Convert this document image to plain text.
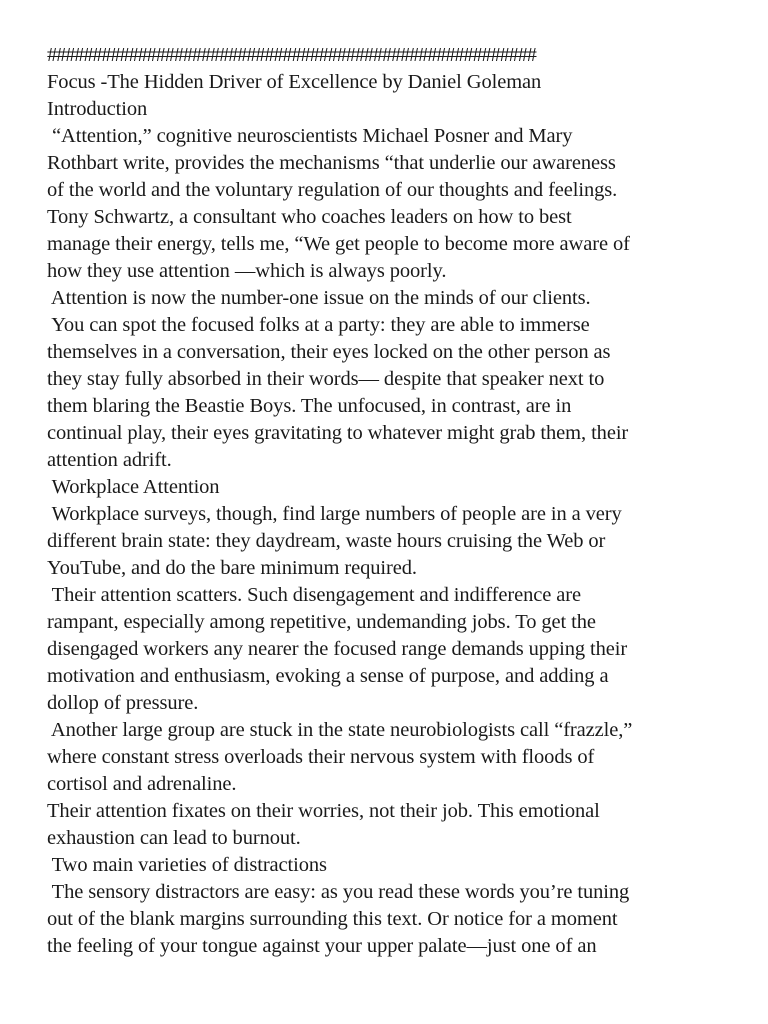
######################################################
Focus -The Hidden Driver of Excellence by Daniel Goleman
Introduction
“Attention,” cognitive neuroscientists Michael Posner and Mary
Rothbart write, provides the mechanisms “that underlie our awareness
of the world and the voluntary regulation of our thoughts and feelings.
Tony Schwartz, a consultant who coaches leaders on how to best
manage their energy, tells me, “We get people to become more aware of
how they use attention —which is always poorly.
Attention is now the number-one issue on the minds of our clients.
You can spot the focused folks at a party: they are able to immerse
themselves in a conversation, their eyes locked on the other person as
they stay fully absorbed in their words— despite that speaker next to
them blaring the Beastie Boys. The unfocused, in contrast, are in
continual play, their eyes gravitating to whatever might grab them, their
attention adrift.
Workplace Attention
Workplace surveys, though, find large numbers of people are in a very
different brain state: they daydream, waste hours cruising the Web or
YouTube, and do the bare minimum required.
Their attention scatters. Such disengagement and indifference are
rampant, especially among repetitive, undemanding jobs. To get the
disengaged workers any nearer the focused range demands upping their
motivation and enthusiasm, evoking a sense of purpose, and adding a
dollop of pressure.
Another large group are stuck in the state neurobiologists call “frazzle,”
where constant stress overloads their nervous system with floods of
cortisol and adrenaline.
Their attention fixates on their worries, not their job. This emotional
exhaustion can lead to burnout.
Two main varieties of distractions
The sensory distractors are easy: as you read these words you’re tuning
out of the blank margins surrounding this text. Or notice for a moment
the feeling of your tongue against your upper palate—just one of an
